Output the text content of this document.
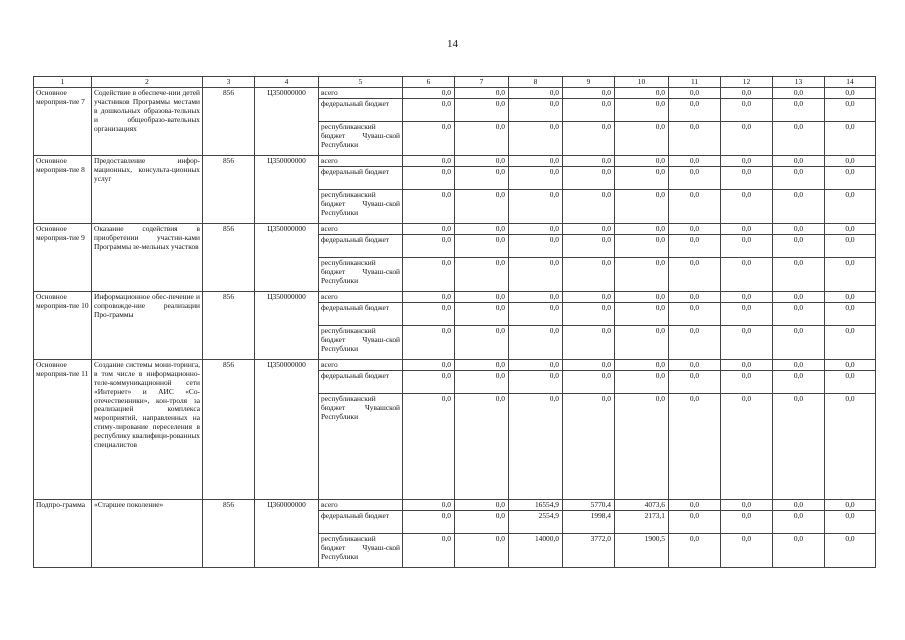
14
1	2	3	4	5	6	7	8	9	10	11	12	13	14
Основное мероприя-тие 7	Содействие в обеспече-нии детей участников Программы местами в дошкольных образова-тельных и общеобразо-вательных организациях	856	Ц350000000	всего	0,0	0,0	0,0	0,0	0,0	0,0	0,0	0,0	0,0
				федеральный бюджет	0,0	0,0	0,0	0,0	0,0	0,0	0,0	0,0	0,0
				республиканский бюджет Чуваш-ской Республики	0,0	0,0	0,0	0,0	0,0	0,0	0,0	0,0	0,0
Основное мероприя-тие 8	Предоставление инфор-мационных, консульта-ционных услуг	856	Ц350000000	всего	0,0	0,0	0,0	0,0	0,0	0,0	0,0	0,0	0,0
				федеральный бюджет	0,0	0,0	0,0	0,0	0,0	0,0	0,0	0,0	0,0
				республиканский бюджет Чуваш-ской Республики	0,0	0,0	0,0	0,0	0,0	0,0	0,0	0,0	0,0
Основное мероприя-тие 9	Оказание содействия в приобретении участни-ками Программы зе-мельных участков	856	Ц350000000	всего	0,0	0,0	0,0	0,0	0,0	0,0	0,0	0,0	0,0
				федеральный бюджет	0,0	0,0	0,0	0,0	0,0	0,0	0,0	0,0	0,0
				республиканский бюджет Чуваш-ской Республики	0,0	0,0	0,0	0,0	0,0	0,0	0,0	0,0	0,0
Основное мероприя-тие 10	Информационное обес-печение и сопровожде-ние реализации Про-граммы	856	Ц350000000	всего	0,0	0,0	0,0	0,0	0,0	0,0	0,0	0,0	0,0
				федеральный бюджет	0,0	0,0	0,0	0,0	0,0	0,0	0,0	0,0	0,0
				республиканский бюджет Чуваш-ской Республики	0,0	0,0	0,0	0,0	0,0	0,0	0,0	0,0	0,0
Основное мероприя-тие 11	Создание системы мони-торинга, в том числе в информационно-теле-коммуникационной сети «Интернет» и АИС «Со-отечественники», кон-троля за реализацией комплекса мероприятий, направленных на стиму-лирование переселения в республику квалифици-рованных специалистов	856	Ц350000000	всего	0,0	0,0	0,0	0,0	0,0	0,0	0,0	0,0	0,0
				федеральный бюджет	0,0	0,0	0,0	0,0	0,0	0,0	0,0	0,0	0,0
				республиканский бюджет Чувашской Республики	0,0	0,0	0,0	0,0	0,0	0,0	0,0	0,0	0,0
Подпро-грамма	«Старшее поколение»	856	Ц360000000	всего	0,0	0,0	16554,9	5770,4	4073,6	0,0	0,0	0,0	0,0
				федеральный бюджет	0,0	0,0	2554,9	1998,4	2173,1	0,0	0,0	0,0	0,0
				республиканский бюджет Чуваш-ской Республики	0,0	0,0	14000,0	3772,0	1900,5	0,0	0,0	0,0	0,0
